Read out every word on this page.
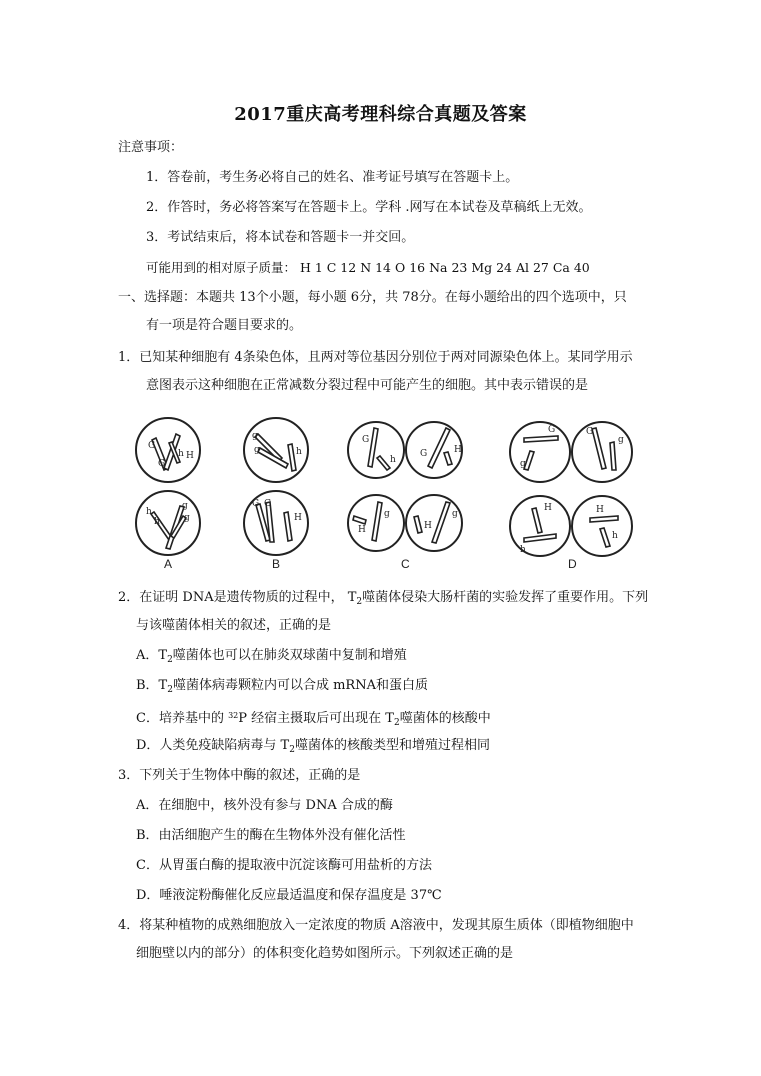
2017重庆高考理科综合真题及答案
注意事项：
1．答卷前，考生务必将自己的姓名、准考证号填写在答题卡上。
2．作答时，务必将答案写在答题卡上。学科 .网写在本试卷及草稿纸上无效。
3．考试结束后，将本试卷和答题卡一并交回。
可能用到的相对原子质量： H 1 C 12 N 14 O 16 Na 23 Mg 24 Al 27 Ca 40
一、选择题：本题共 13个小题，每小题 6分，共 78分。在每小题给出的四个选项中，只
有一项是符合题目要求的。
1．已知某种细胞有 4条染色体，且两对等位基因分别位于两对同源染色体上。某同学用示
意图表示这种细胞在正常减数分裂过程中可能产生的细胞。其中表示错误的是
G
G
h H
h
h
g
g
A
g
g	h
G G
H
B
G
h
G	H
H
g
H
g
C
G
g
G
g
H
h
H
h
D
2．在证明 DNA是遗传物质的过程中， $T_2$噬菌体侵染大肠杆菌的实验发挥了重要作用。下列
与该噬菌体相关的叙述，正确的是
A．$T_2$噬菌体也可以在肺炎双球菌中复制和增殖
B．$T_2$噬菌体病毒颗粒内可以合成 mRNA和蛋白质
C．培养基中的 $^{32}$P 经宿主摄取后可出现在 $T_2$噬菌体的核酸中
D．人类免疫缺陷病毒与 $T_2$噬菌体的核酸类型和增殖过程相同
3．下列关于生物体中酶的叙述，正确的是
A．在细胞中，核外没有参与 DNA 合成的酶
B．由活细胞产生的酶在生物体外没有催化活性
C．从胃蛋白酶的提取液中沉淀该酶可用盐析的方法
D．唾液淀粉酶催化反应最适温度和保存温度是 37℃
4．将某种植物的成熟细胞放入一定浓度的物质 A溶液中，发现其原生质体（即植物细胞中
细胞壁以内的部分）的体积变化趋势如图所示。下列叙述正确的是
